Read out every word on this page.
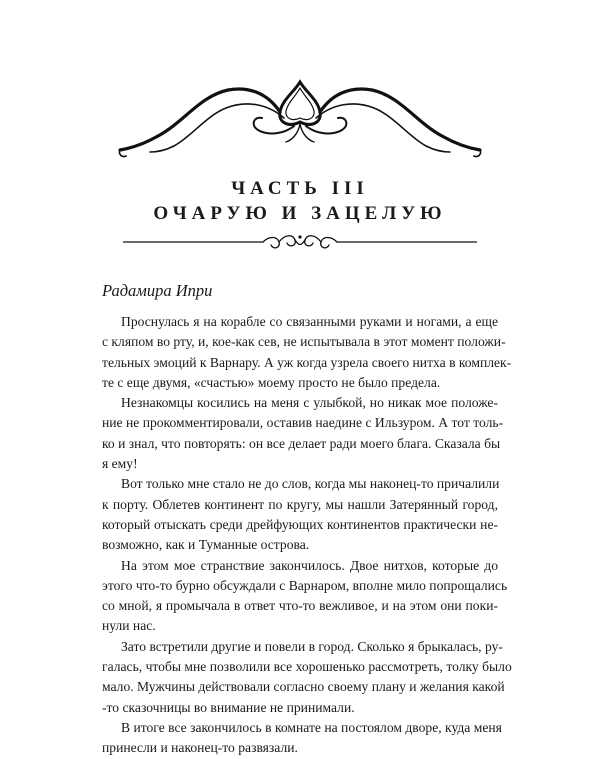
ЧАСТЬ III
ОЧАРУЮ И ЗАЦЕЛУЮ
Радамира Ипри
Проснулась я на корабле со связанными руками и ногами, а еще
с кляпом во рту, и, кое-как сев, не испытывала в этот момент положи-
тельных эмоций к Варнару. А уж когда узрела своего нитха в комплек-
те с еще двумя, «счастью» моему просто не было предела.
Незнакомцы косились на меня с улыбкой, но никак мое положе-
ние не прокомментировали, оставив наедине с Ильзуром. А тот толь-
ко и знал, что повторять: он все делает ради моего блага. Сказала бы
я ему!
Вот только мне стало не до слов, когда мы наконец-то причалили
к порту. Облетев континент по кругу, мы нашли Затерянный город,
который отыскать среди дрейфующих континентов практически не-
возможно, как и Туманные острова.
На этом мое странствие закончилось. Двое нитхов, которые до
этого что-то бурно обсуждали с Варнаром, вполне мило попрощались
со мной, я промычала в ответ что-то вежливое, и на этом они поки-
нули нас.
Зато встретили другие и повели в город. Сколько я брыкалась, ру-
галась, чтобы мне позволили все хорошенько рассмотреть, толку было
мало. Мужчины действовали согласно своему плану и желания какой
-то сказочницы во внимание не принимали.
В итоге все закончилось в комнате на постоялом дворе, куда меня
принесли и наконец-то развязали.
